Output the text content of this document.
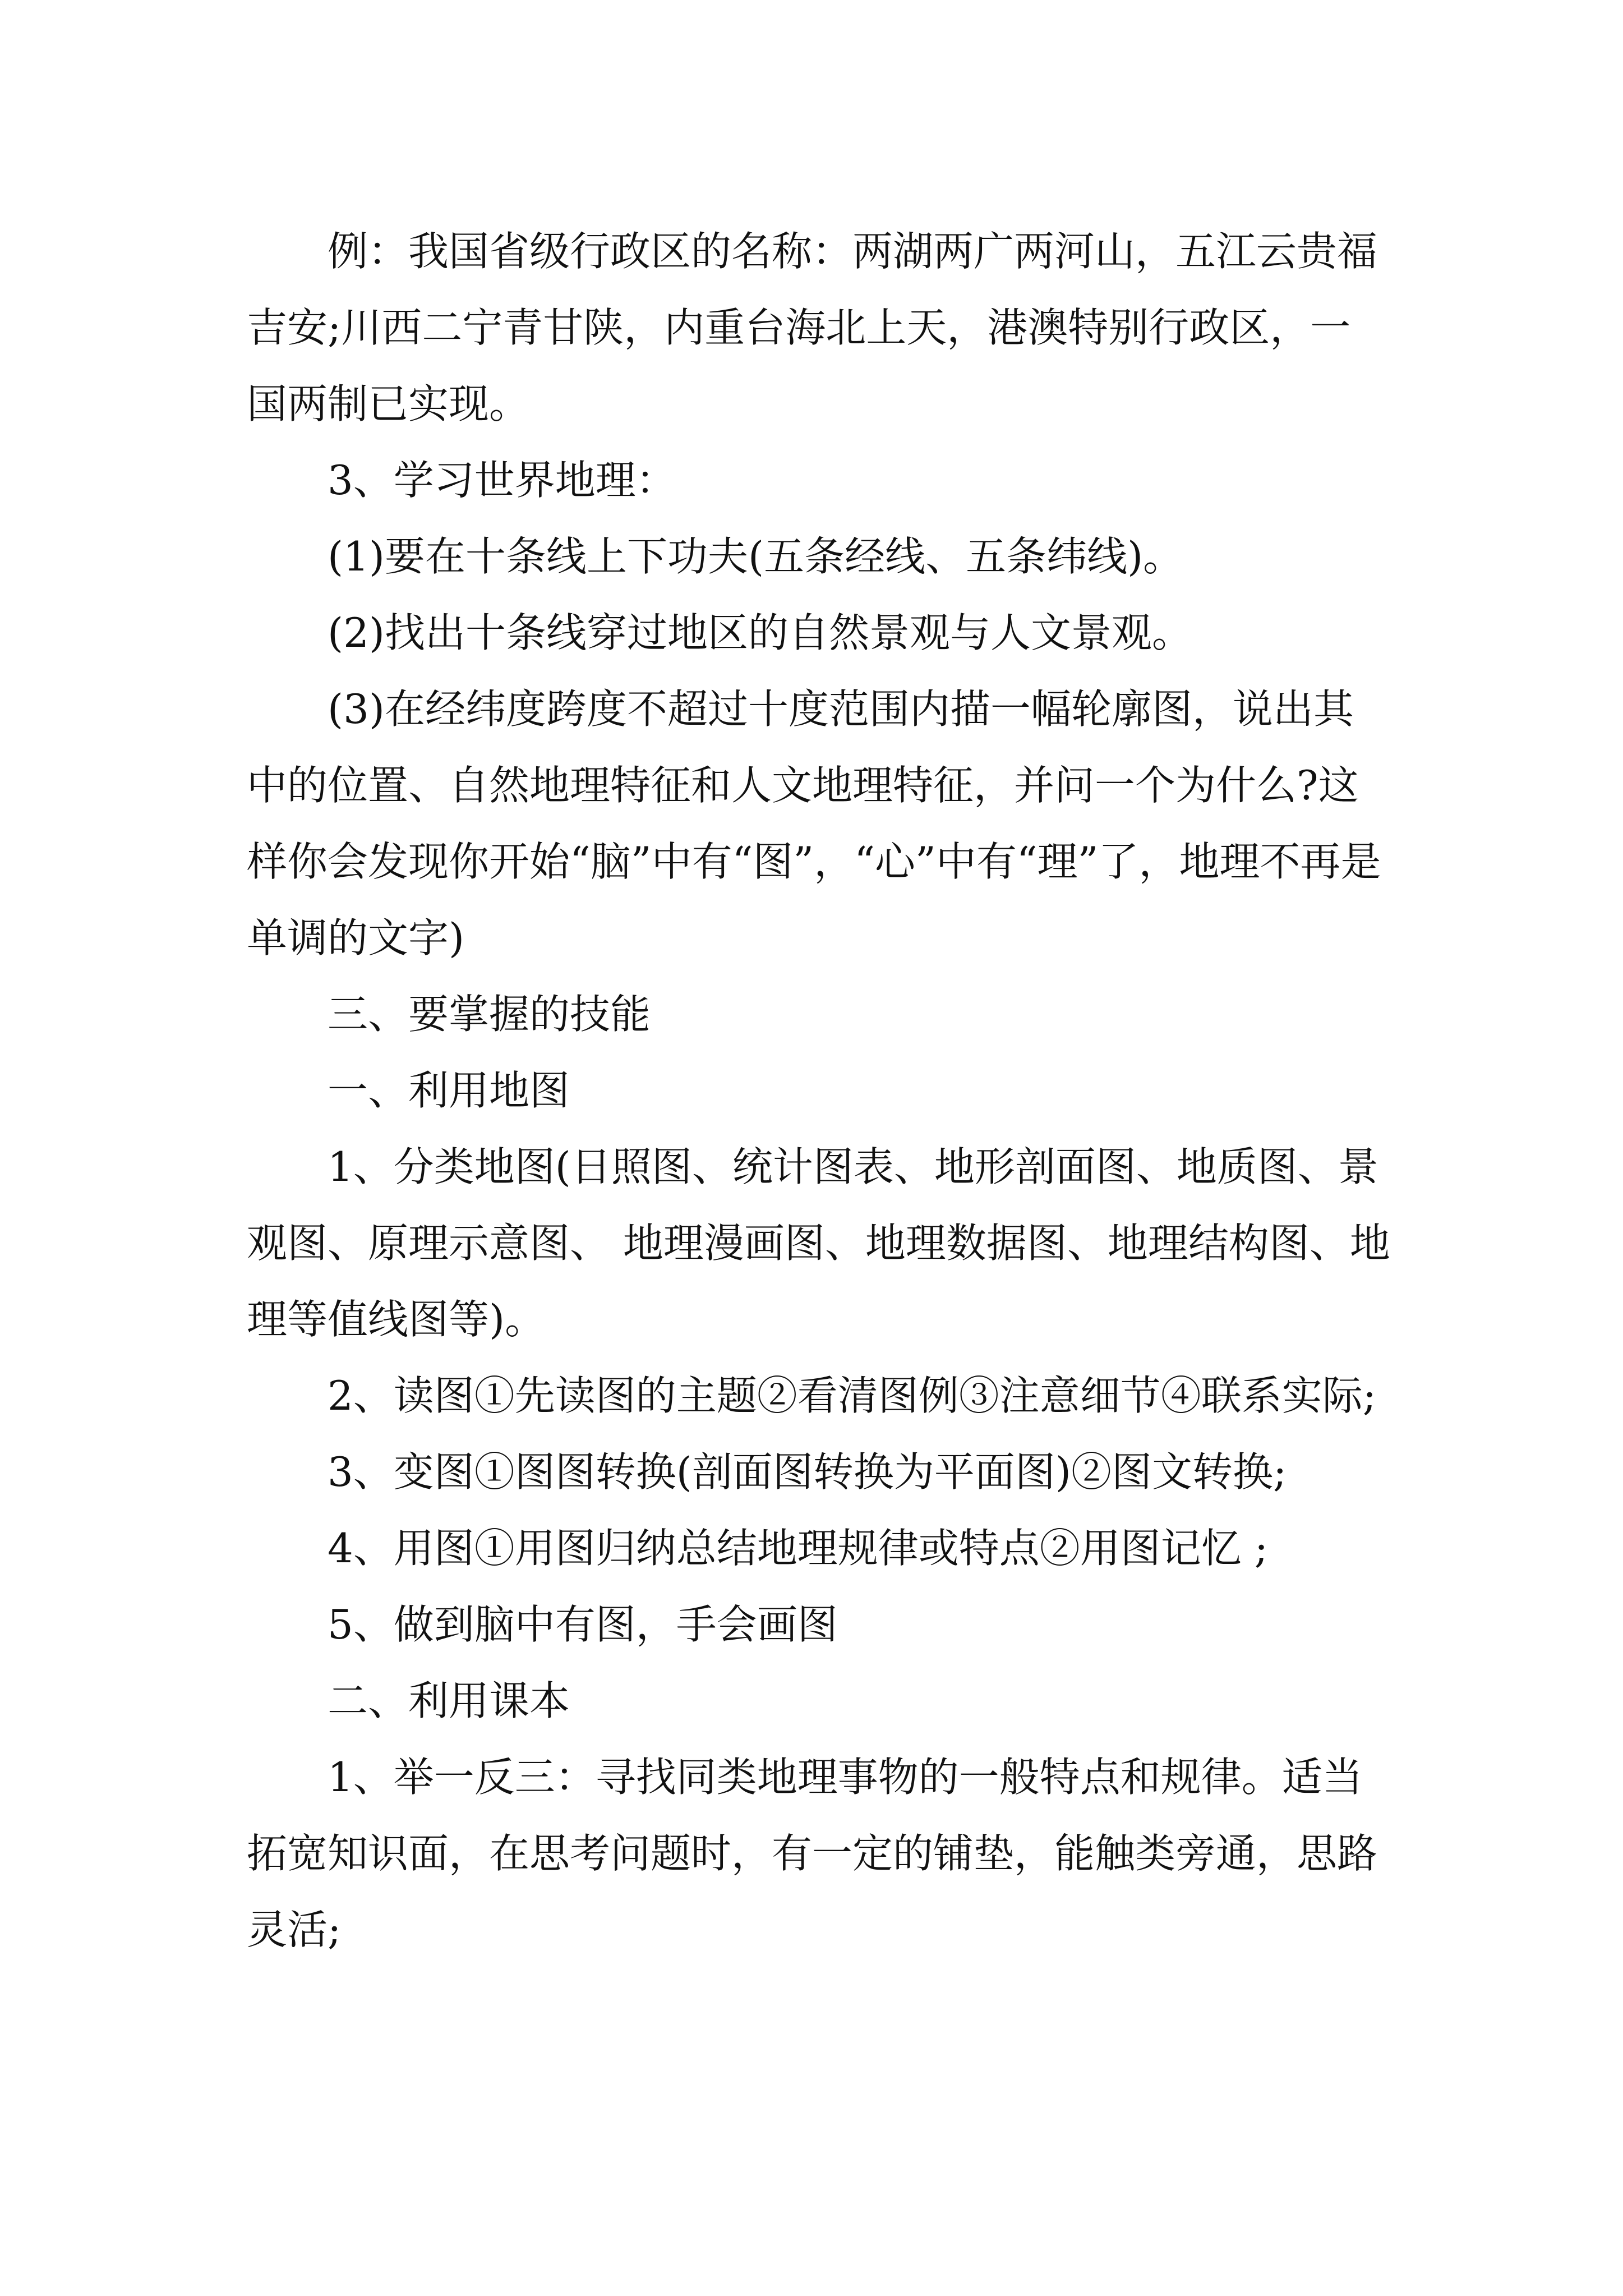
例：我国省级行政区的名称：两湖两广两河山，五江云贵福吉安;川西二宁青甘陕，内重台海北上天，港澳特别行政区，一国两制已实现。

3、学习世界地理：

(1)要在十条线上下功夫(五条经线、五条纬线)。

(2)找出十条线穿过地区的自然景观与人文景观。

(3)在经纬度跨度不超过十度范围内描一幅轮廓图，说出其中的位置、自然地理特征和人文地理特征，并问一个为什么?这样你会发现你开始“脑”中有“图”，“心”中有“理”了，地理不再是单调的文字)

三、要掌握的技能

一、利用地图

1、分类地图(日照图、统计图表、地形剖面图、地质图、景观图、原理示意图、 地理漫画图、地理数据图、地理结构图、地理等值线图等)。

2、读图①先读图的主题②看清图例③注意细节④联系实际;

3、变图①图图转换(剖面图转换为平面图)②图文转换;

4、用图①用图归纳总结地理规律或特点②用图记忆 ;

5、做到脑中有图，手会画图

二、利用课本

1、举一反三：寻找同类地理事物的一般特点和规律。适当拓宽知识面，在思考问题时，有一定的铺垫，能触类旁通，思路灵活;
